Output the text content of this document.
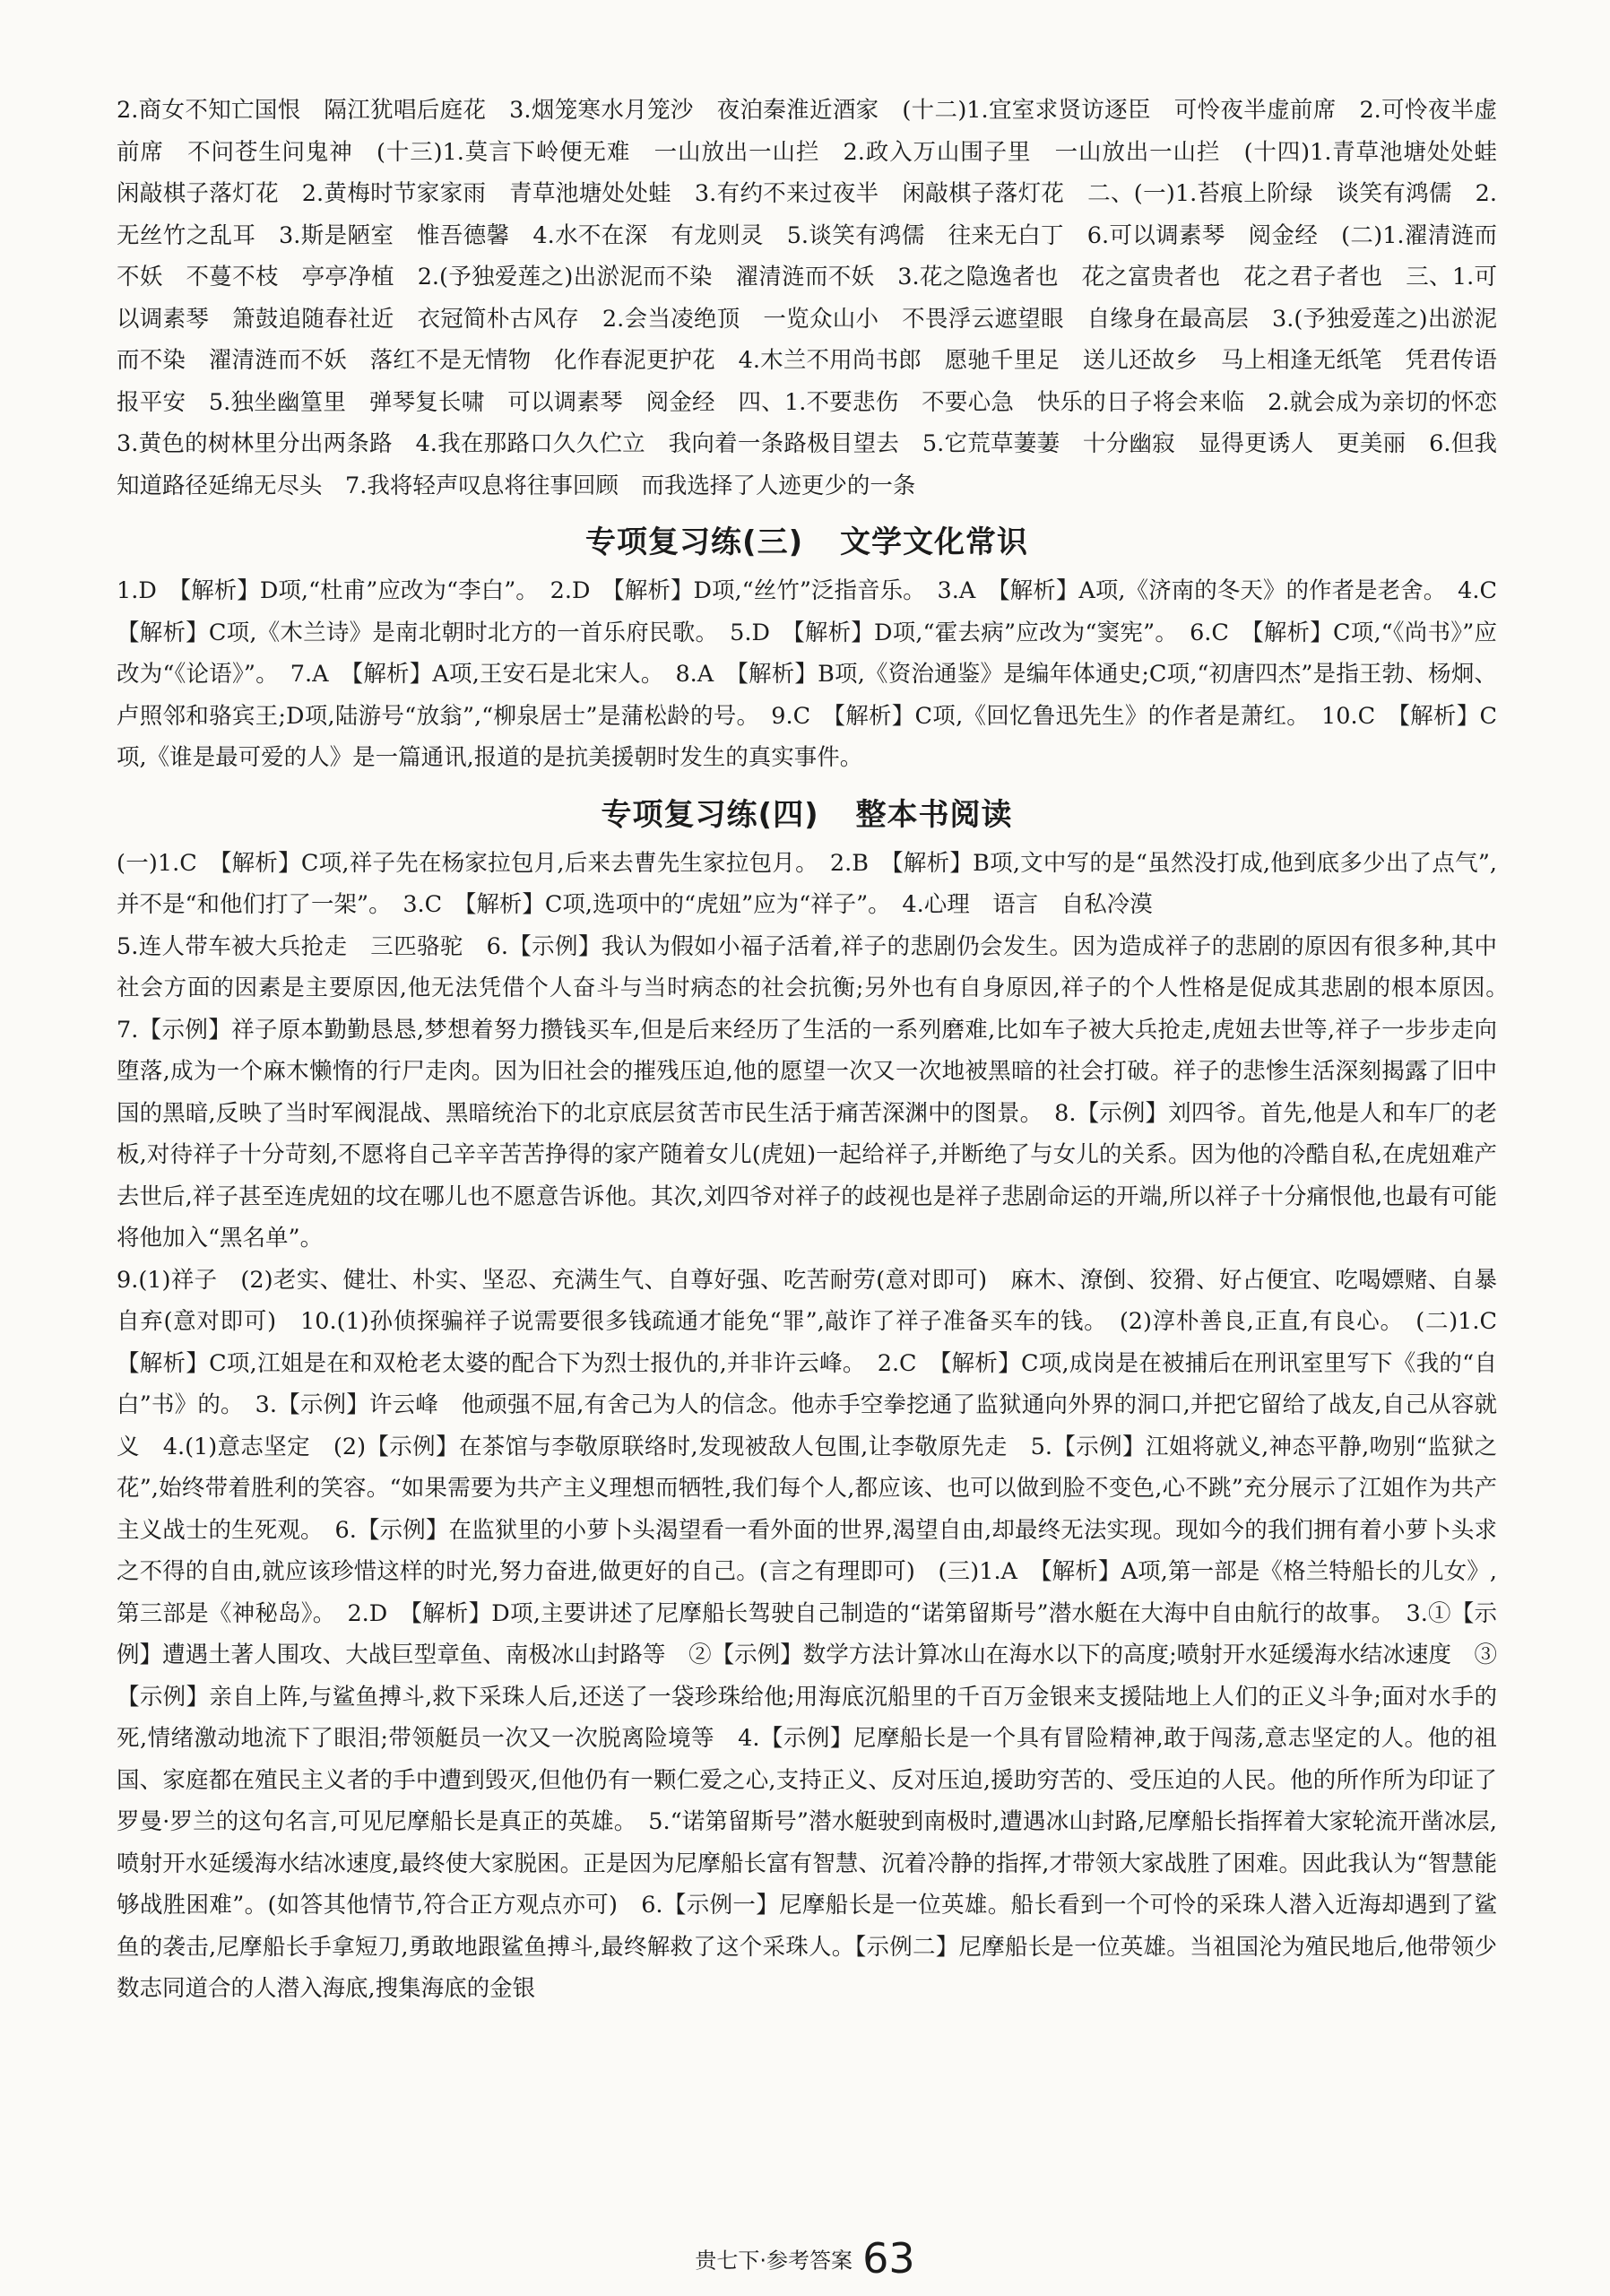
2.商女不知亡国恨　隔江犹唱后庭花　3.烟笼寒水月笼沙　夜泊秦淮近酒家　(十二)1.宜室求贤访逐臣　可怜夜半虚前席　2.可怜夜半虚前席　不问苍生问鬼神　(十三)1.莫言下岭便无难　一山放出一山拦　2.政入万山围子里　一山放出一山拦　(十四)1.青草池塘处处蛙　闲敲棋子落灯花　2.黄梅时节家家雨　青草池塘处处蛙　3.有约不来过夜半　闲敲棋子落灯花　二、(一)1.苔痕上阶绿　谈笑有鸿儒　2.无丝竹之乱耳　3.斯是陋室　惟吾德馨　4.水不在深　有龙则灵　5.谈笑有鸿儒　往来无白丁　6.可以调素琴　阅金经　(二)1.濯清涟而不妖　不蔓不枝　亭亭净植　2.(予独爱莲之)出淤泥而不染　濯清涟而不妖　3.花之隐逸者也　花之富贵者也　花之君子者也　三、1.可以调素琴　箫鼓追随春社近　衣冠简朴古风存　2.会当凌绝顶　一览众山小　不畏浮云遮望眼　自缘身在最高层　3.(予独爱莲之)出淤泥而不染　濯清涟而不妖　落红不是无情物　化作春泥更护花　4.木兰不用尚书郎　愿驰千里足　送儿还故乡　马上相逢无纸笔　凭君传语报平安　5.独坐幽篁里　弹琴复长啸　可以调素琴　阅金经　四、1.不要悲伤　不要心急　快乐的日子将会来临　2.就会成为亲切的怀恋　3.黄色的树林里分出两条路　4.我在那路口久久伫立　我向着一条路极目望去　5.它荒草萋萋　十分幽寂　显得更诱人　更美丽　6.但我知道路径延绵无尽头　7.我将轻声叹息将往事回顾　而我选择了人迹更少的一条

专项复习练(三) 文学文化常识

1.D　【解析】D项,“杜甫”应改为“李白”。　2.D　【解析】D项,“丝竹”泛指音乐。　3.A　【解析】A项,《济南的冬天》的作者是老舍。　4.C　【解析】C项,《木兰诗》是南北朝时北方的一首乐府民歌。　5.D　【解析】D项,“霍去病”应改为“窦宪”。　6.C　【解析】C项,“《尚书》”应改为“《论语》”。　7.A　【解析】A项,王安石是北宋人。　8.A　【解析】B项,《资治通鉴》是编年体通史;C项,“初唐四杰”是指王勃、杨炯、卢照邻和骆宾王;D项,陆游号“放翁”,“柳泉居士”是蒲松龄的号。　9.C　【解析】C项,《回忆鲁迅先生》的作者是萧红。　10.C　【解析】C项,《谁是最可爱的人》是一篇通讯,报道的是抗美援朝时发生的真实事件。

专项复习练(四) 整本书阅读

(一)1.C　【解析】C项,祥子先在杨家拉包月,后来去曹先生家拉包月。　2.B　【解析】B项,文中写的是“虽然没打成,他到底多少出了点气”,并不是“和他们打了一架”。　3.C　【解析】C项,选项中的“虎妞”应为“祥子”。　4.心理　语言　自私冷漠

5.连人带车被大兵抢走　三匹骆驼　6.【示例】我认为假如小福子活着,祥子的悲剧仍会发生。因为造成祥子的悲剧的原因有很多种,其中社会方面的因素是主要原因,他无法凭借个人奋斗与当时病态的社会抗衡;另外也有自身原因,祥子的个人性格是促成其悲剧的根本原因。　7.【示例】祥子原本勤勤恳恳,梦想着努力攒钱买车,但是后来经历了生活的一系列磨难,比如车子被大兵抢走,虎妞去世等,祥子一步步走向堕落,成为一个麻木懒惰的行尸走肉。因为旧社会的摧残压迫,他的愿望一次又一次地被黑暗的社会打破。祥子的悲惨生活深刻揭露了旧中国的黑暗,反映了当时军阀混战、黑暗统治下的北京底层贫苦市民生活于痛苦深渊中的图景。　8.【示例】刘四爷。首先,他是人和车厂的老板,对待祥子十分苛刻,不愿将自己辛辛苦苦挣得的家产随着女儿(虎妞)一起给祥子,并断绝了与女儿的关系。因为他的冷酷自私,在虎妞难产去世后,祥子甚至连虎妞的坟在哪儿也不愿意告诉他。其次,刘四爷对祥子的歧视也是祥子悲剧命运的开端,所以祥子十分痛恨他,也最有可能将他加入“黑名单”。

9.(1)祥子　(2)老实、健壮、朴实、坚忍、充满生气、自尊好强、吃苦耐劳(意对即可)　麻木、潦倒、狡猾、好占便宜、吃喝嫖赌、自暴自弃(意对即可)　10.(1)孙侦探骗祥子说需要很多钱疏通才能免“罪”,敲诈了祥子准备买车的钱。　(2)淳朴善良,正直,有良心。　(二)1.C　【解析】C项,江姐是在和双枪老太婆的配合下为烈士报仇的,并非许云峰。　2.C　【解析】C项,成岗是在被捕后在刑讯室里写下《我的“自白”书》的。　3.【示例】许云峰　他顽强不屈,有舍己为人的信念。他赤手空拳挖通了监狱通向外界的洞口,并把它留给了战友,自己从容就义　4.(1)意志坚定　(2)【示例】在茶馆与李敬原联络时,发现被敌人包围,让李敬原先走　5.【示例】江姐将就义,神态平静,吻别“监狱之花”,始终带着胜利的笑容。“如果需要为共产主义理想而牺牲,我们每个人,都应该、也可以做到脸不变色,心不跳”充分展示了江姐作为共产主义战士的生死观。　6.【示例】在监狱里的小萝卜头渴望看一看外面的世界,渴望自由,却最终无法实现。现如今的我们拥有着小萝卜头求之不得的自由,就应该珍惜这样的时光,努力奋进,做更好的自己。(言之有理即可)　(三)1.A　【解析】A项,第一部是《格兰特船长的儿女》,第三部是《神秘岛》。　2.D　【解析】D项,主要讲述了尼摩船长驾驶自己制造的“诺第留斯号”潜水艇在大海中自由航行的故事。　3.①【示例】遭遇土著人围攻、大战巨型章鱼、南极冰山封路等　②【示例】数学方法计算冰山在海水以下的高度;喷射开水延缓海水结冰速度　③【示例】亲自上阵,与鲨鱼搏斗,救下采珠人后,还送了一袋珍珠给他;用海底沉船里的千百万金银来支援陆地上人们的正义斗争;面对水手的死,情绪激动地流下了眼泪;带领艇员一次又一次脱离险境等　4.【示例】尼摩船长是一个具有冒险精神,敢于闯荡,意志坚定的人。他的祖国、家庭都在殖民主义者的手中遭到毁灭,但他仍有一颗仁爱之心,支持正义、反对压迫,援助穷苦的、受压迫的人民。他的所作所为印证了罗曼·罗兰的这句名言,可见尼摩船长是真正的英雄。　5.“诺第留斯号”潜水艇驶到南极时,遭遇冰山封路,尼摩船长指挥着大家轮流开凿冰层,喷射开水延缓海水结冰速度,最终使大家脱困。正是因为尼摩船长富有智慧、沉着冷静的指挥,才带领大家战胜了困难。因此我认为“智慧能够战胜困难”。(如答其他情节,符合正方观点亦可)　6.【示例一】尼摩船长是一位英雄。船长看到一个可怜的采珠人潜入近海却遇到了鲨鱼的袭击,尼摩船长手拿短刀,勇敢地跟鲨鱼搏斗,最终解救了这个采珠人。【示例二】尼摩船长是一位英雄。当祖国沦为殖民地后,他带领少数志同道合的人潜入海底,搜集海底的金银

贵七下·参考答案 63
